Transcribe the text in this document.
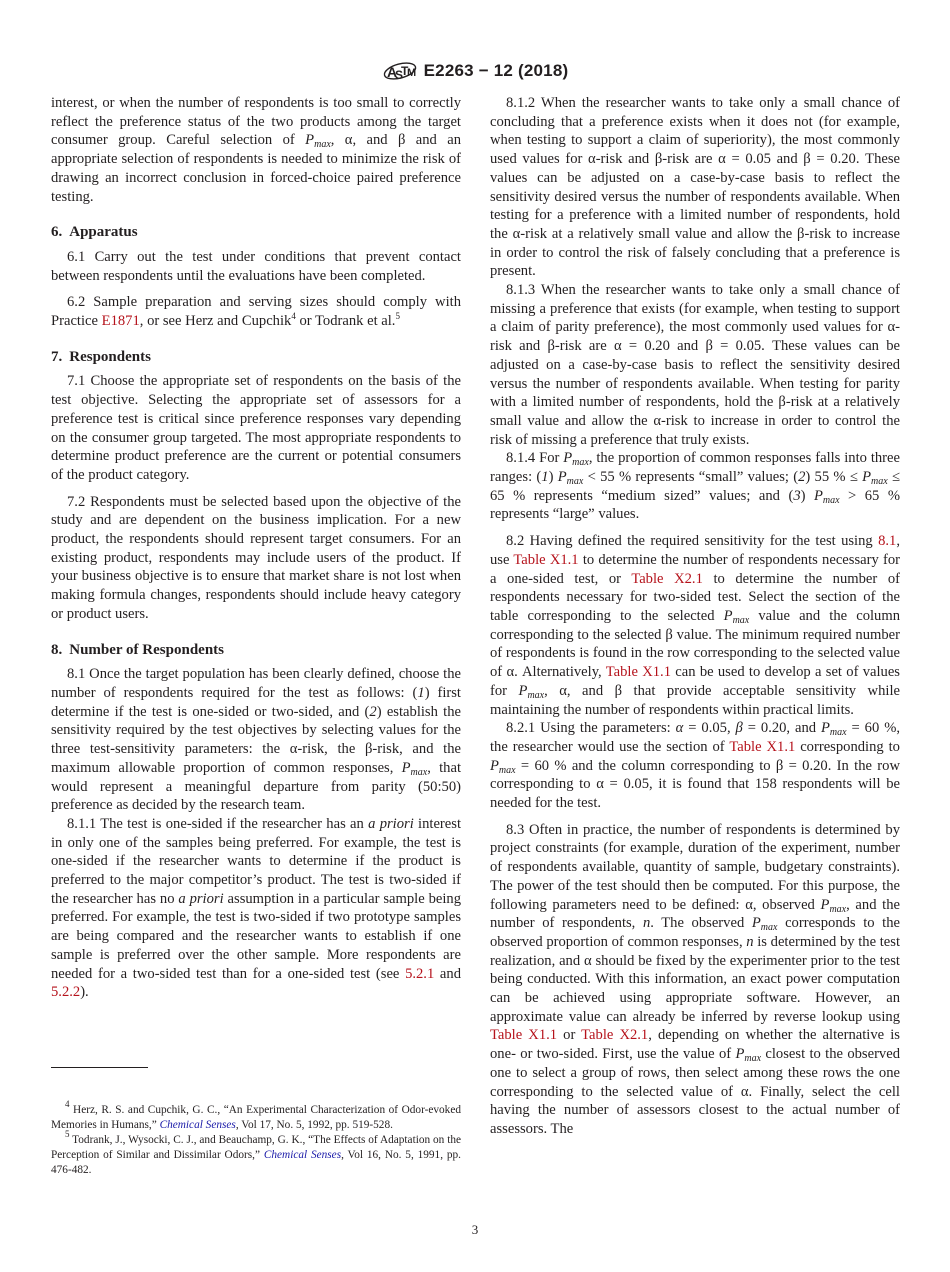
A
S
T
M E2263 − 12 (2018)

interest, or when the number of respondents is too small to correctly reflect the preference status of the two products among the target consumer group. Careful selection of $P_{max}$, α, and β and an appropriate selection of respondents is needed to minimize the risk of drawing an incorrect conclusion in forced-choice paired preference testing.

6. Apparatus

6.1 Carry out the test under conditions that prevent contact between respondents until the evaluations have been completed.

6.2 Sample preparation and serving sizes should comply with Practice E1871, or see Herz and Cupchik$^4$ or Todrank et al.$^5$

7. Respondents

7.1 Choose the appropriate set of respondents on the basis of the test objective. Selecting the appropriate set of assessors for a preference test is critical since preference responses vary depending on the consumer group targeted. The most appropriate respondents to determine product preference are the current or potential consumers of the product category.

7.2 Respondents must be selected based upon the objective of the study and are dependent on the business implication. For a new product, the respondents should represent target consumers. For an existing product, respondents may include users of the product. If your business objective is to ensure that market share is not lost when making formula changes, respondents should include heavy category or product users.

8. Number of Respondents

8.1 Once the target population has been clearly defined, choose the number of respondents required for the test as follows: (1) first determine if the test is one-sided or two-sided, and (2) establish the sensitivity required by the test objectives by selecting values for the three test-sensitivity parameters: the α-risk, the β-risk, and the maximum allowable proportion of common responses, $P_{max}$, that would represent a meaningful departure from parity (50:50) preference as decided by the research team.

8.1.1 The test is one-sided if the researcher has an a priori interest in only one of the samples being preferred. For example, the test is one-sided if the researcher wants to determine if the product is preferred to the major competitor’s product. The test is two-sided if the researcher has no a priori assumption in a particular sample being preferred. For example, the test is two-sided if two prototype samples are being compared and the researcher wants to establish if one sample is preferred over the other sample. More respondents are needed for a two-sided test than for a one-sided test (see 5.2.1 and 5.2.2).

$^4$ Herz, R. S. and Cupchik, G. C., “An Experimental Characterization of Odor-evoked Memories in Humans,” Chemical Senses, Vol 17, No. 5, 1992, pp. 519-528.

$^5$ Todrank, J., Wysocki, C. J., and Beauchamp, G. K., “The Effects of Adaptation on the Perception of Similar and Dissimilar Odors,” Chemical Senses, Vol 16, No. 5, 1991, pp. 476-482.

8.1.2 When the researcher wants to take only a small chance of concluding that a preference exists when it does not (for example, when testing to support a claim of superiority), the most commonly used values for α-risk and β-risk are α = 0.05 and β = 0.20. These values can be adjusted on a case-by-case basis to reflect the sensitivity desired versus the number of respondents available. When testing for a preference with a limited number of respondents, hold the α-risk at a relatively small value and allow the β-risk to increase in order to control the risk of falsely concluding that a preference is present.

8.1.3 When the researcher wants to take only a small chance of missing a preference that exists (for example, when testing to support a claim of parity preference), the most commonly used values for α-risk and β-risk are α = 0.20 and β = 0.05. These values can be adjusted on a case-by-case basis to reflect the sensitivity desired versus the number of respondents available. When testing for parity with a limited number of respondents, hold the β-risk at a relatively small value and allow the α-risk to increase in order to control the risk of missing a preference that truly exists.

8.1.4 For $P_{max}$, the proportion of common responses falls into three ranges: (1) $P_{max} < 55$ % represents “small” values; (2) 55 % ≤ $P_{max} \le 65$ % represents “medium sized” values; and (3) $P_{max} > 65$ % represents “large” values.

8.2 Having defined the required sensitivity for the test using 8.1, use Table X1.1 to determine the number of respondents necessary for a one-sided test, or Table X2.1 to determine the number of respondents necessary for two-sided test. Select the section of the table corresponding to the selected $P_{max}$ value and the column corresponding to the selected β value. The minimum required number of respondents is found in the row corresponding to the selected value of α. Alternatively, Table X1.1 can be used to develop a set of values for $P_{max}$, α, and β that provide acceptable sensitivity while maintaining the number of respondents within practical limits.

8.2.1 Using the parameters: α = 0.05, β = 0.20, and $P_{max} = 60$ %, the researcher would use the section of Table X1.1 corresponding to $P_{max} = 60$ % and the column corresponding to β = 0.20. In the row corresponding to α = 0.05, it is found that 158 respondents will be needed for the test.

8.3 Often in practice, the number of respondents is determined by project constraints (for example, duration of the experiment, number of respondents available, quantity of sample, budgetary constraints). The power of the test should then be computed. For this purpose, the following parameters need to be defined: α, observed $P_{max}$, and the number of respondents, n. The observed $P_{max}$ corresponds to the observed proportion of common responses, n is determined by the test realization, and α should be fixed by the experimenter prior to the test being conducted. With this information, an exact power computation can be achieved using appropriate software. However, an approximate value can already be inferred by reverse lookup using Table X1.1 or Table X2.1, depending on whether the alternative is one- or two-sided. First, use the value of $P_{max}$ closest to the observed one to select a group of rows, then select among these rows the one corresponding to the selected value of α. Finally, select the cell having the number of assessors closest to the actual number of assessors. The

3
